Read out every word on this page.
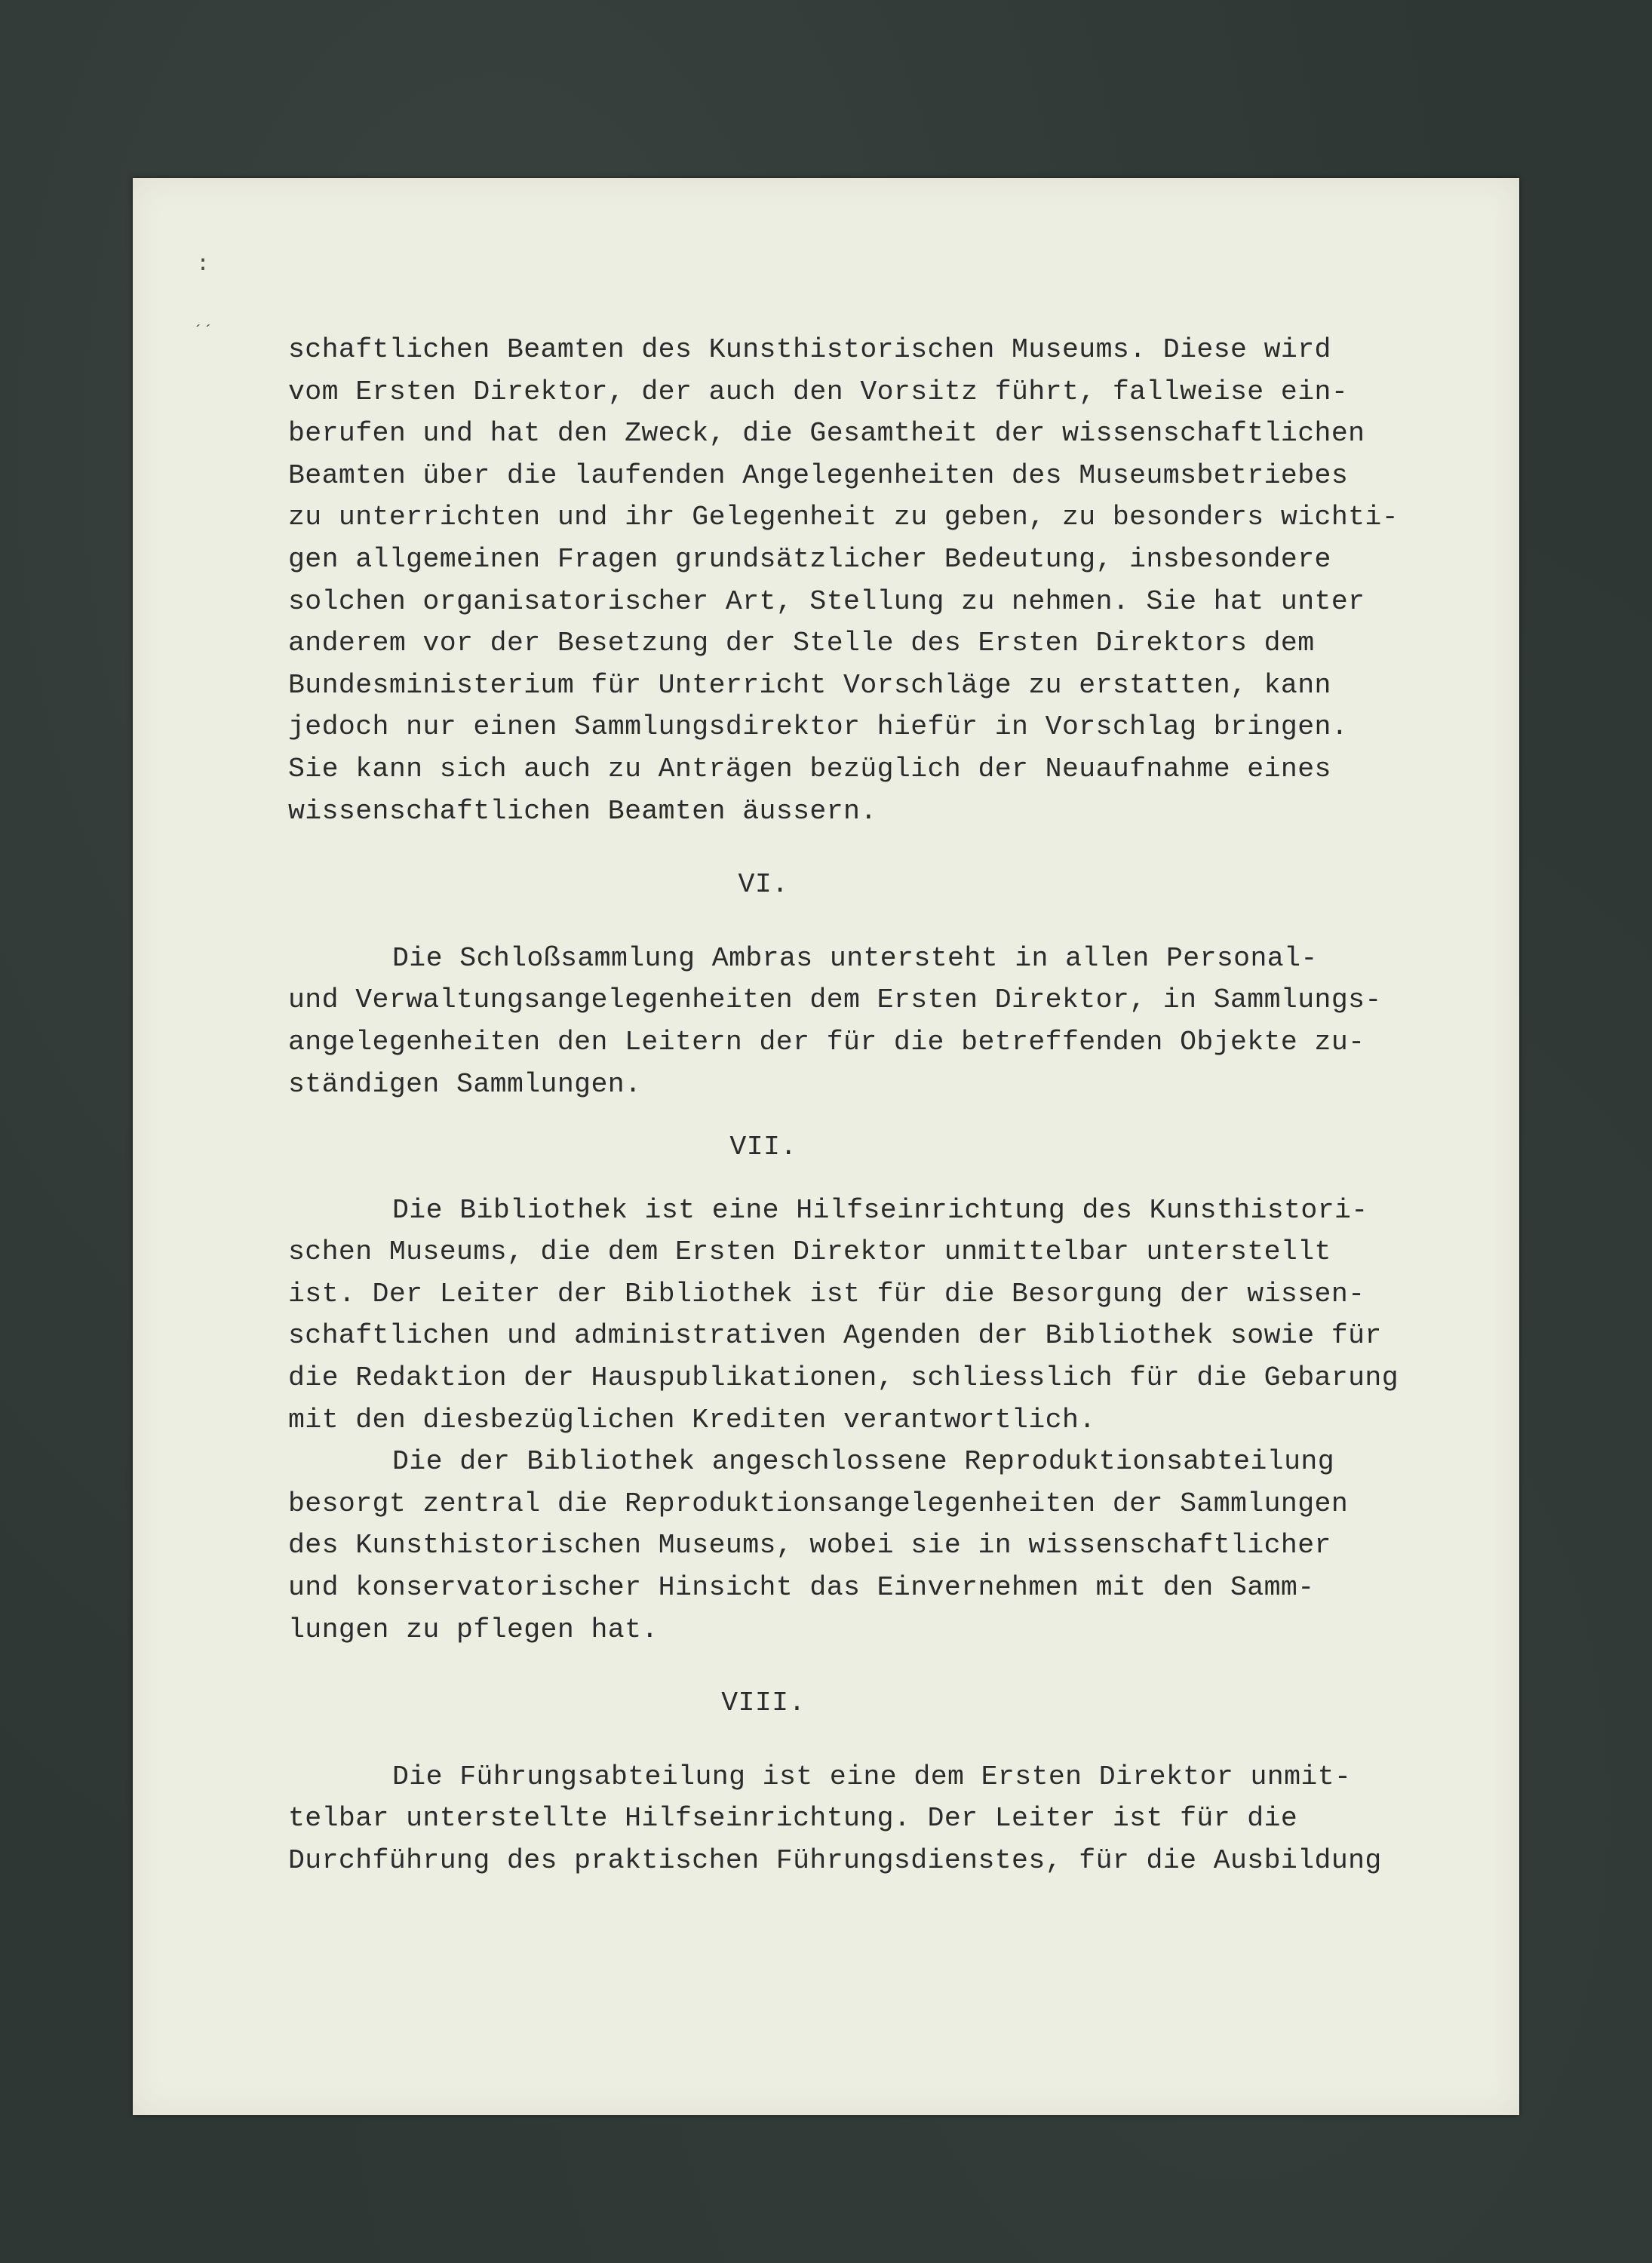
:
´´
schaftlichen Beamten des Kunsthistorischen Museums. Diese wird
vom Ersten Direktor, der auch den Vorsitz führt, fallweise ein-
berufen und hat den Zweck, die Gesamtheit der wissenschaftlichen
Beamten über die laufenden Angelegenheiten des Museumsbetriebes
zu unterrichten und ihr Gelegenheit zu geben, zu besonders wichti-
gen allgemeinen Fragen grundsätzlicher Bedeutung, insbesondere
solchen organisatorischer Art, Stellung zu nehmen. Sie hat unter
anderem vor der Besetzung der Stelle des Ersten Direktors dem
Bundesministerium für Unterricht Vorschläge zu erstatten, kann
jedoch nur einen Sammlungsdirektor hiefür in Vorschlag bringen.
Sie kann sich auch zu Anträgen bezüglich der Neuaufnahme eines
wissenschaftlichen Beamten äussern.
VI.
Die Schloßsammlung Ambras untersteht in allen Personal-
und Verwaltungsangelegenheiten dem Ersten Direktor, in Sammlungs-
angelegenheiten den Leitern der für die betreffenden Objekte zu-
ständigen Sammlungen.
VII.
Die Bibliothek ist eine Hilfseinrichtung des Kunsthistori-
schen Museums, die dem Ersten Direktor unmittelbar unterstellt
ist. Der Leiter der Bibliothek ist für die Besorgung der wissen-
schaftlichen und administrativen Agenden der Bibliothek sowie für
die Redaktion der Hauspublikationen, schliesslich für die Gebarung
mit den diesbezüglichen Krediten verantwortlich.
Die der Bibliothek angeschlossene Reproduktionsabteilung
besorgt zentral die Reproduktionsangelegenheiten der Sammlungen
des Kunsthistorischen Museums, wobei sie in wissenschaftlicher
und konservatorischer Hinsicht das Einvernehmen mit den Samm-
lungen zu pflegen hat.
VIII.
Die Führungsabteilung ist eine dem Ersten Direktor unmit-
telbar unterstellte Hilfseinrichtung. Der Leiter ist für die
Durchführung des praktischen Führungsdienstes, für die Ausbildung
